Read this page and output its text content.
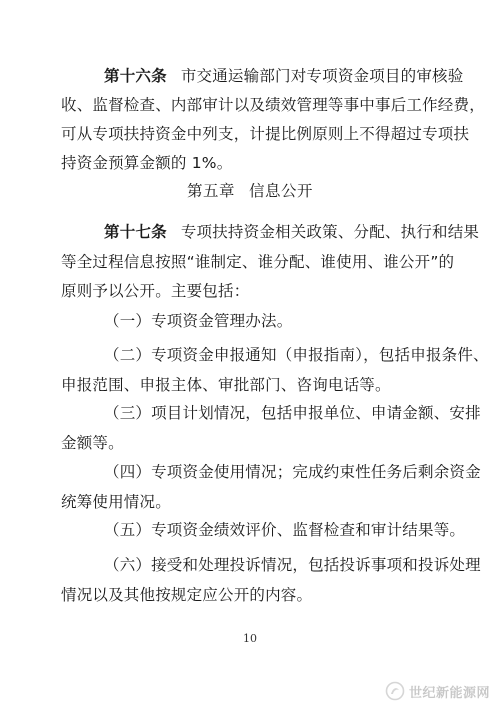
第十六条 市交通运输部门对专项资金项目的审核验
收、监督检查、内部审计以及绩效管理等事中事后工作经费，
可从专项扶持资金中列支，计提比例原则上不得超过专项扶
持资金预算金额的 1%。
第五章 信息公开
第十七条 专项扶持资金相关政策、分配、执行和结果
等全过程信息按照“谁制定、谁分配、谁使用、谁公开”的
原则予以公开。主要包括：
（一）专项资金管理办法。
（二）专项资金申报通知（申报指南），包括申报条件、
申报范围、申报主体、审批部门、咨询电话等。
（三）项目计划情况，包括申报单位、申请金额、安排
金额等。
（四）专项资金使用情况；完成约束性任务后剩余资金
统筹使用情况。
（五）专项资金绩效评价、监督检查和审计结果等。
10
世纪新能源网
（六）接受和处理投诉情况，包括投诉事项和投诉处理
情况以及其他按规定应公开的内容。
